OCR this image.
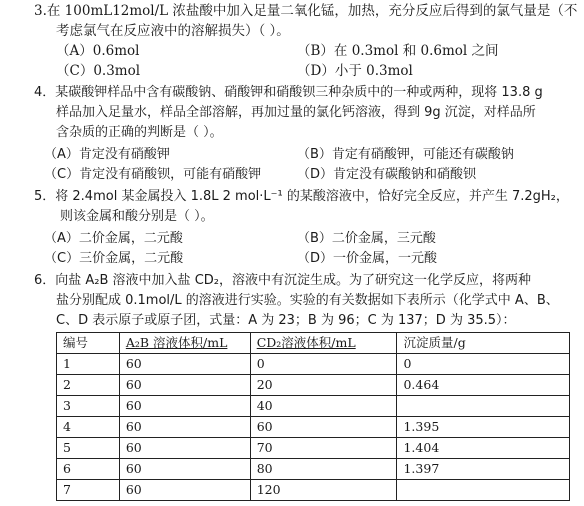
3.在 100mL12mol/L 浓盐酸中加入足量二氧化锰，加热，充分反应后得到的氯气量是（不
考虑氯气在反应液中的溶解损失）（ ）。
（A）0.6mol	（B）在 0.3mol 和 0.6mol 之间
（C）0.3mol	（D）小于 0.3mol
4．某碳酸钾样品中含有碳酸钠、硝酸钾和硝酸钡三种杂质中的一种或两种，现将 13.8 g
样品加入足量水，样品全部溶解，再加过量的氯化钙溶液，得到 9g 沉淀，对样品所
含杂质的正确的判断是（ ）。
（A）肯定没有硝酸钾	（B）肯定有硝酸钾，可能还有碳酸钠
（C）肯定没有硝酸钡，可能有硝酸钾	（D）肯定没有碳酸钠和硝酸钡
5．将 2.4mol 某金属投入 1.8L 2 mol·L⁻¹ 的某酸溶液中，恰好完全反应，并产生 7.2gH₂，
则该金属和酸分别是（ ）。
（A）二价金属，二元酸	（B）二价金属，三元酸
（C）三价金属，二元酸	（D）一价金属，一元酸
6．向盐 A₂B 溶液中加入盐 CD₂，溶液中有沉淀生成。为了研究这一化学反应，将两种
盐分别配成 0.1mol/L 的溶液进行实验。实验的有关数据如下表所示（化学式中 A、B、
C、D 表示原子或原子团，式量：A 为 23；B 为 96；C 为 137；D 为 35.5）：
编号	A₂B 溶液体积/mL	CD₂溶液体积/mL	沉淀质量/g
1	60	0	0
2	60	20	0.464
3	60	40	
4	60	60	1.395
5	60	70	1.404
6	60	80	1.397
7	60	120	
